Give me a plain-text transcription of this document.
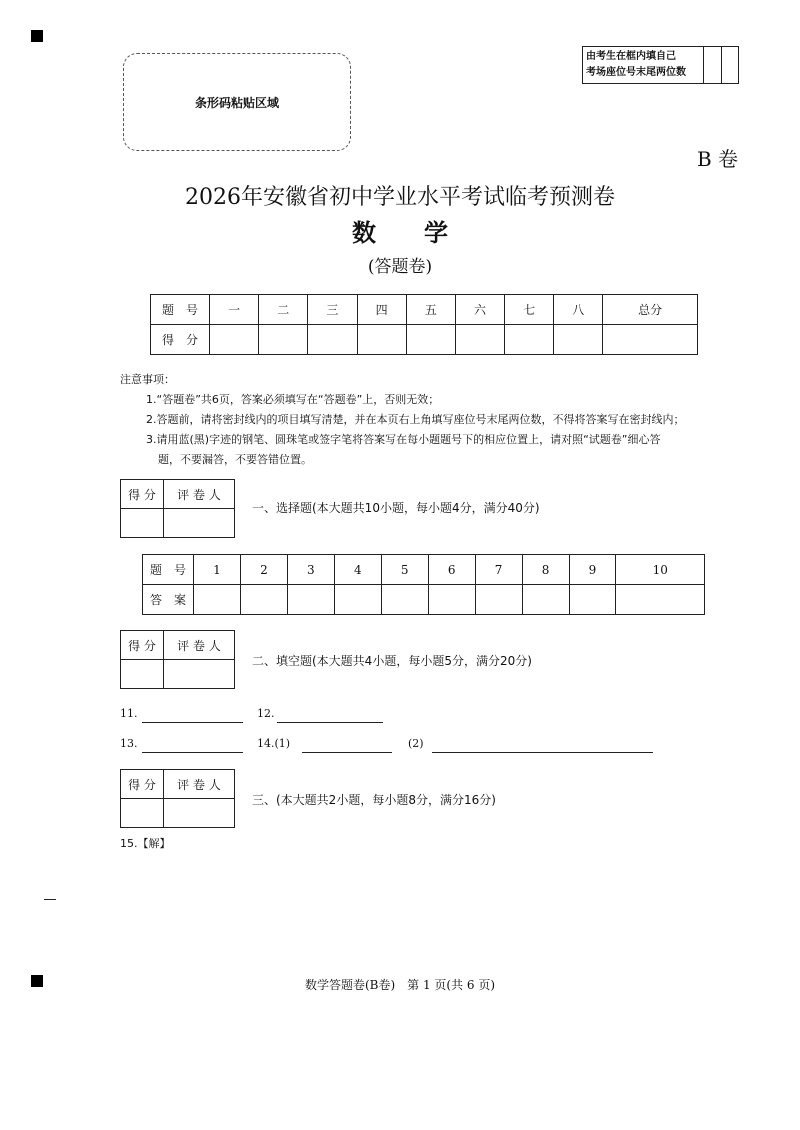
条形码粘贴区域
由考生在框内填自己
考场座位号末尾两位数
B 卷
2026年安徽省初中学业水平考试临考预测卷
数学
(答题卷)
题　号	一	二	三	四	五	六	七	八	总分
得　分									
注意事项：
1.“答题卷”共6页，答案必须填写在“答题卷”上，否则无效；
2.答题前，请将密封线内的项目填写清楚，并在本页右上角填写座位号末尾两位数，不得将答案写在密封线内；
3.请用蓝(黑)字迹的钢笔、圆珠笔或签字笔将答案写在每小题题号下的相应位置上，请对照“试题卷”细心答
题，不要漏答，不要答错位置。
得 分	评 卷 人

一、选择题(本大题共10小题，每小题4分，满分40分)
题　号	1	2	3	4	5	6	7	8	9	10
答　案										
得 分	评 卷 人

二、填空题(本大题共4小题，每小题5分，满分20分)
11.	12.
13.	14.(1)	(2)
得 分	评 卷 人

三、(本大题共2小题，每小题8分，满分16分)
15.【解】
数学答题卷(B卷)　第 1 页(共 6 页)
